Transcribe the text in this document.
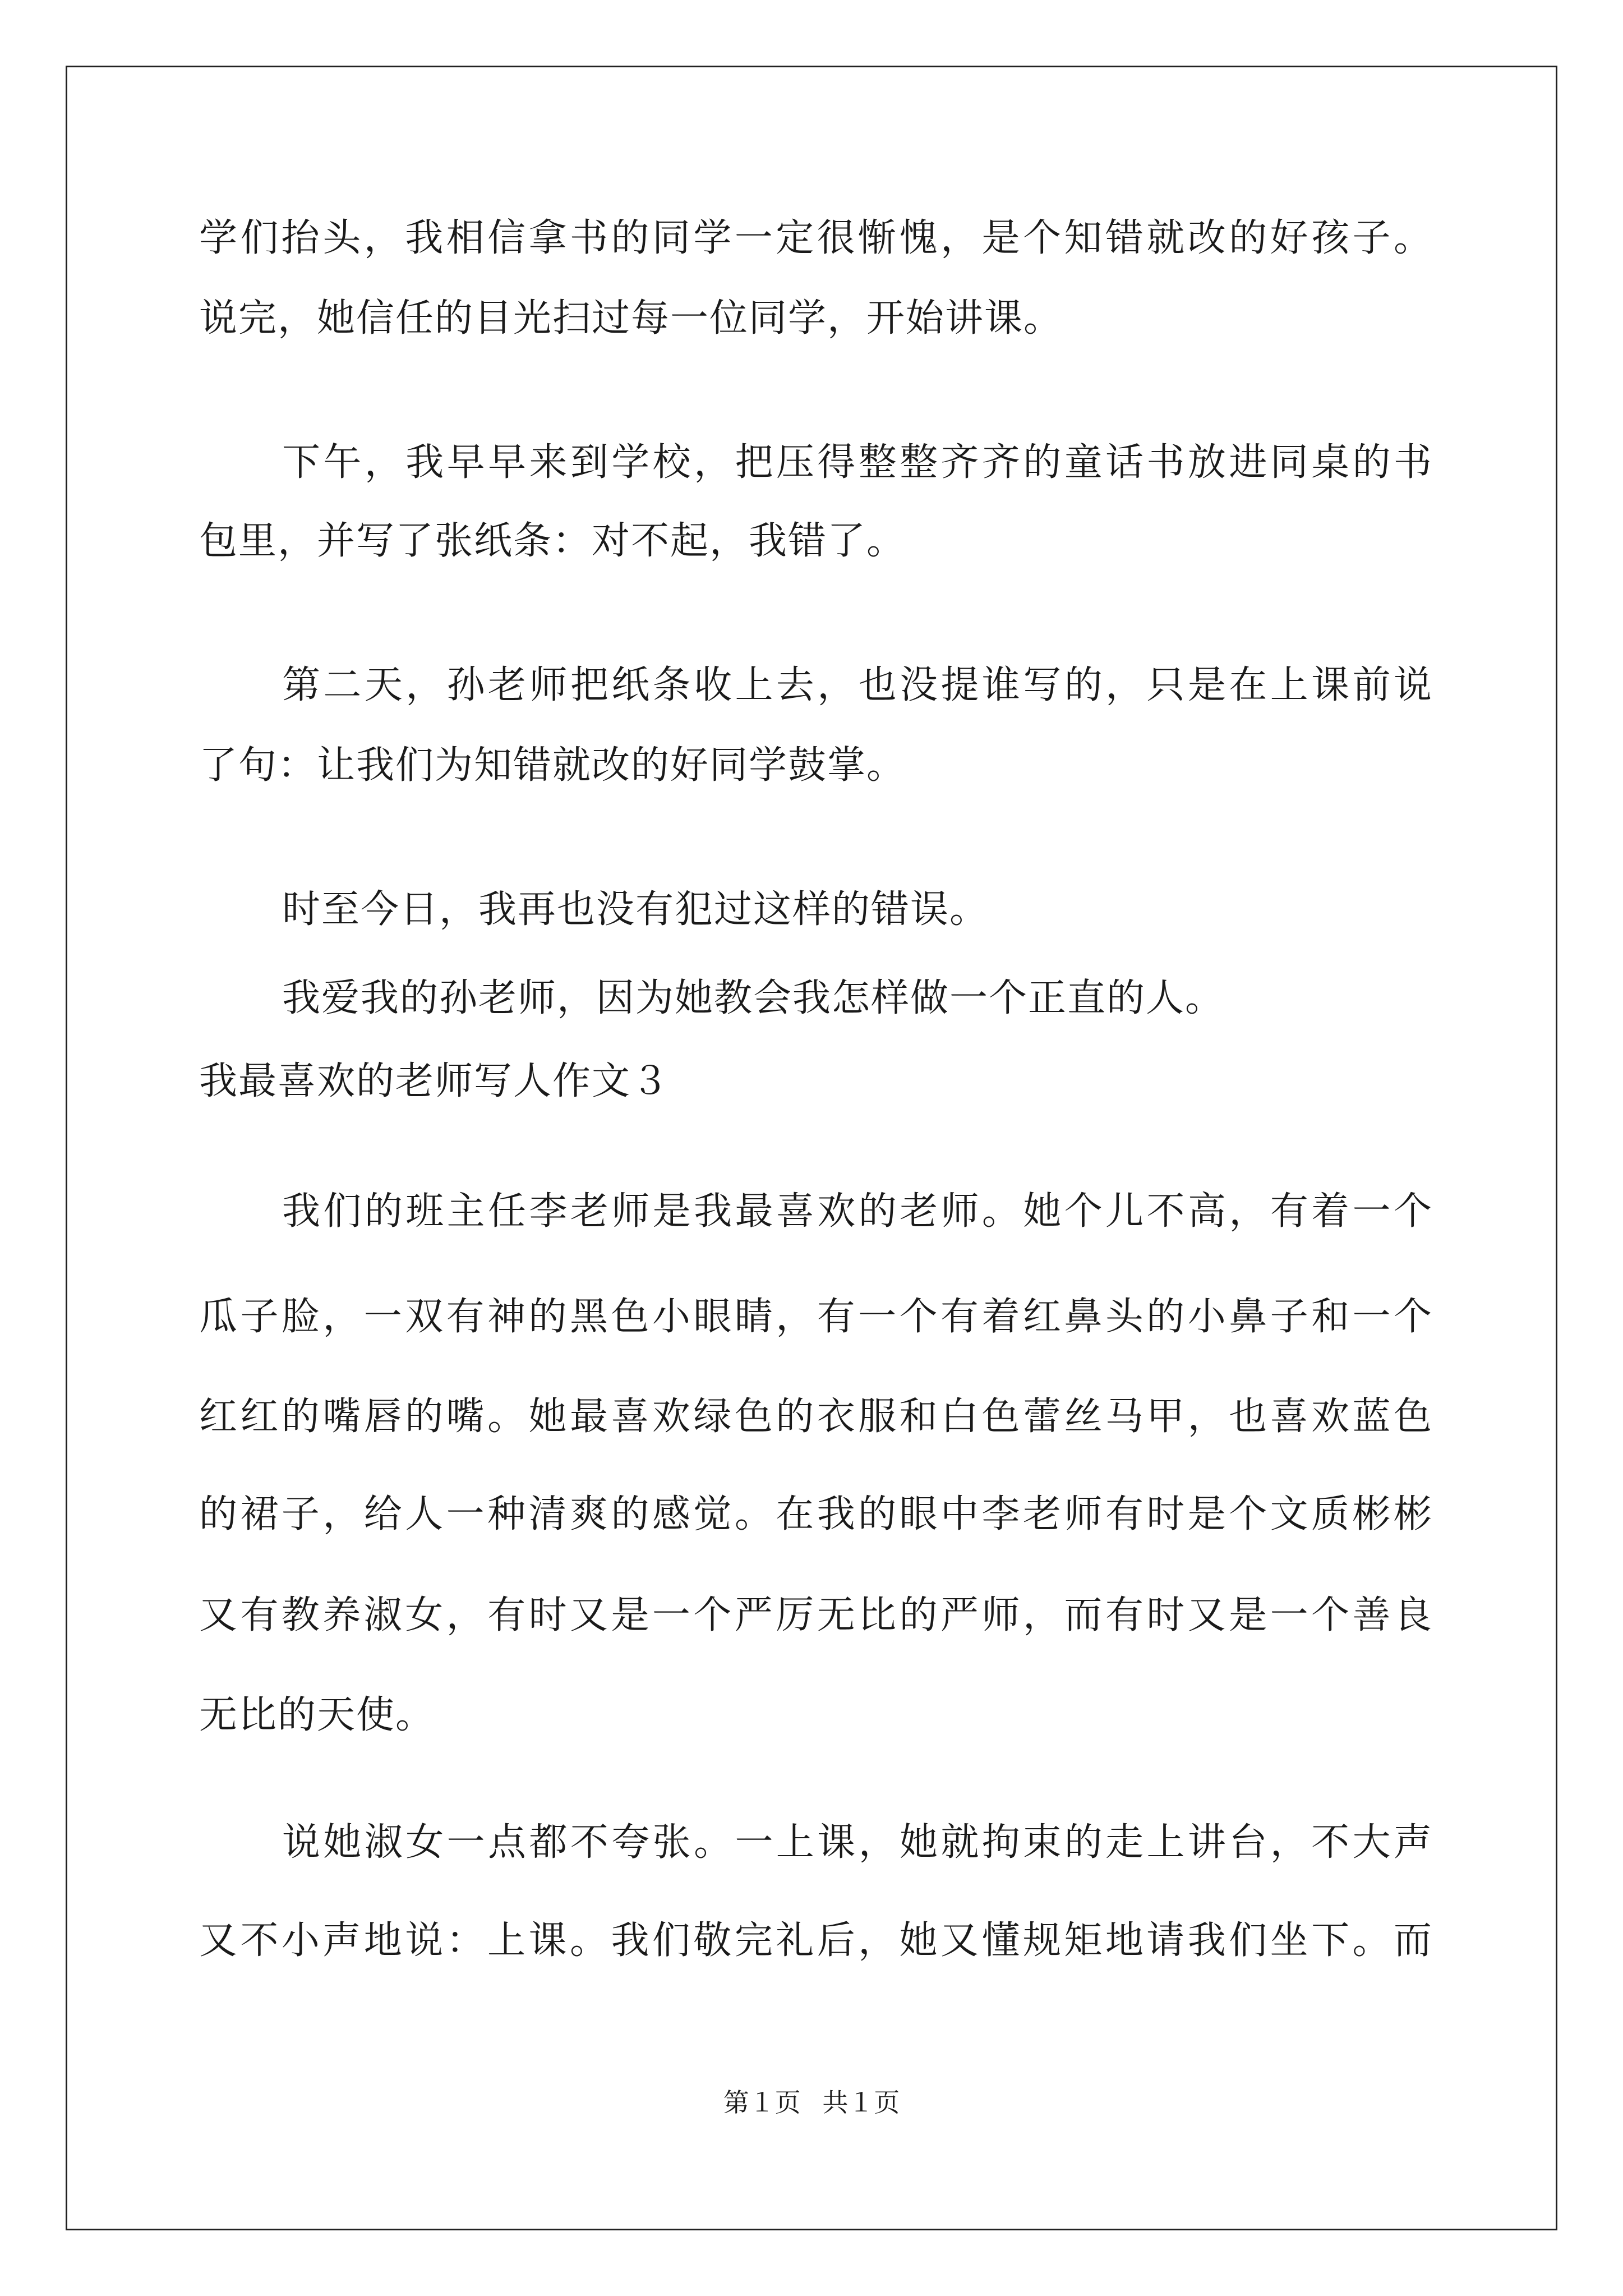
学们抬头，我相信拿书的同学一定很惭愧，是个知错就改的好孩子。
说完，她信任的目光扫过每一位同学，开始讲课。
下午，我早早来到学校，把压得整整齐齐的童话书放进同桌的书
包里，并写了张纸条：对不起，我错了。
第二天，孙老师把纸条收上去，也没提谁写的，只是在上课前说
了句：让我们为知错就改的好同学鼓掌。
时至今日，我再也没有犯过这样的错误。
我爱我的孙老师，因为她教会我怎样做一个正直的人。
我最喜欢的老师写人作文３
我们的班主任李老师是我最喜欢的老师。她个儿不高，有着一个
瓜子脸，一双有神的黑色小眼睛，有一个有着红鼻头的小鼻子和一个
红红的嘴唇的嘴。她最喜欢绿色的衣服和白色蕾丝马甲，也喜欢蓝色
的裙子，给人一种清爽的感觉。在我的眼中李老师有时是个文质彬彬
又有教养淑女，有时又是一个严厉无比的严师，而有时又是一个善良
无比的天使。
说她淑女一点都不夸张。一上课，她就拘束的走上讲台，不大声
又不小声地说：上课。我们敬完礼后，她又懂规矩地请我们坐下。而
第１页 共１页
